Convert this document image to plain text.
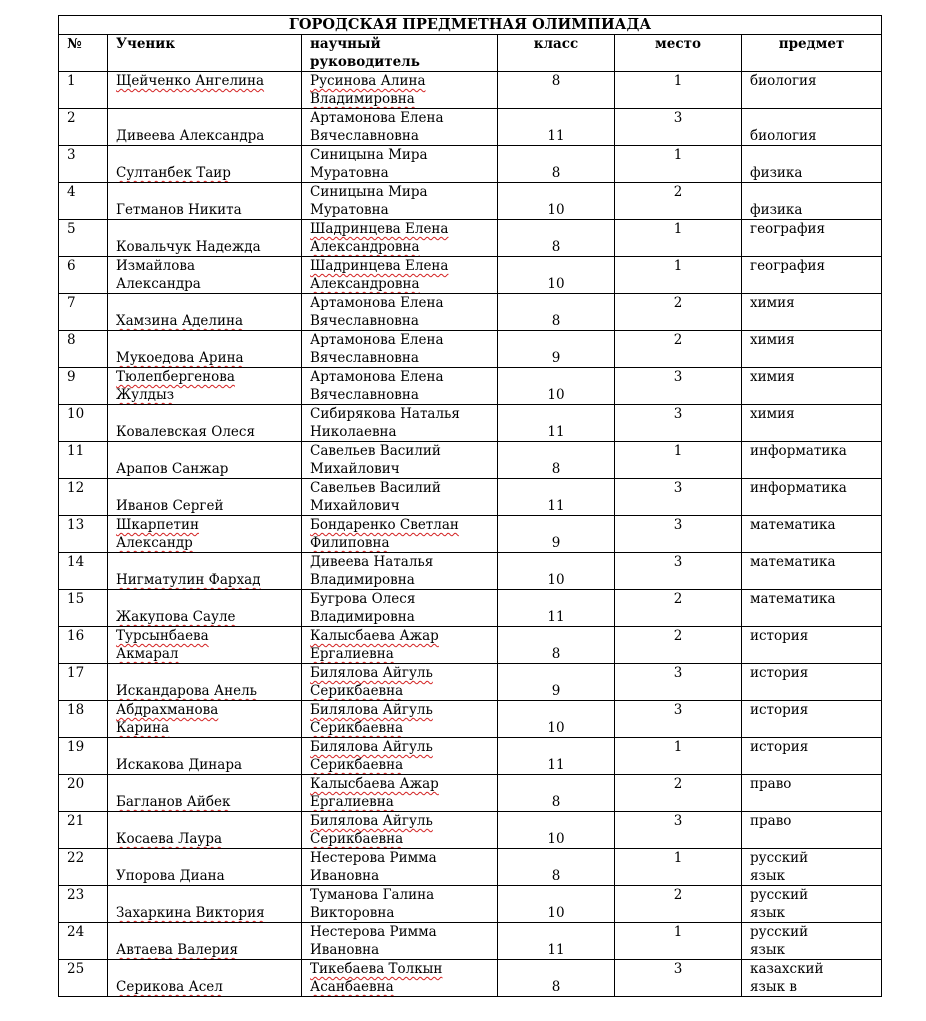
ГОРОДСКАЯ ПРЕДМЕТНАЯ ОЛИМПИАДА					
№	Ученик	научный
руководитель	класс	место	предмет
1	Щейченко Ангелина	Русинова Алина
Владимировна	8	1	биология
2	Дивеева Александра	Артамонова Елена
Вячеславновна	11	3	биология

3	Султанбек Таир	Синицына Мира
Муратовна	8	1	физика

4	Гетманов Никита	Синицына Мира
Муратовна	10	2	физика

5	Ковальчук Надежда	Шадринцева Елена
Александровна	8	1	география
6	Измайлова
Александра	Шадринцева Елена
Александровна	10	1	география
7	Хамзина Аделина	Артамонова Елена
Вячеславновна	8	2	химия
8	Мукоедова Арина	Артамонова Елена
Вячеславновна	9	2	химия
9	Тюлепбергенова
Жулдыз	Артамонова Елена
Вячеславновна	10	3	химия
10	Ковалевская Олеся	Сибирякова Наталья
Николаевна	11	3	химия
11	Арапов Санжар	Савельев Василий
Михайлович	8	1	информатика
12	Иванов Сергей	Савельев Василий
Михайлович	11	3	информатика
13	Шкарпетин
Александр	Бондаренко Светлан
Филиповна	9	3	математика
14	Нигматулин Фархад	Дивеева Наталья
Владимировна	10	3	математика
15	Жакупова Сауле	Бугрова Олеся
Владимировна	11	2	математика
16	Турсынбаева
Акмарал	Калысбаева Ажар
Ергалиевна	8	2	история
17	Искандарова Анель	Билялова Айгуль
Серикбаевна	9	3	история
18	Абдрахманова
Карина	Билялова Айгуль
Серикбаевна	10	3	история
19	Искакова Динара	Билялова Айгуль
Серикбаевна	11	1	история
20	Багланов Айбек	Калысбаева Ажар
Ергалиевна	8	2	право
21	Косаева Лаура	Билялова Айгуль
Серикбаевна	10	3	право
22	Упорова Диана	Нестерова Римма
Ивановна	8	1	русский
язык
23	Захаркина Виктория	Туманова Галина
Викторовна	10	2	русский
язык
24	Автаева Валерия	Нестерова Римма
Ивановна	11	1	русский
язык
25	Серикова Асел	Тикебаева Толкын
Асанбаевна	8	3	казахский
язык в
